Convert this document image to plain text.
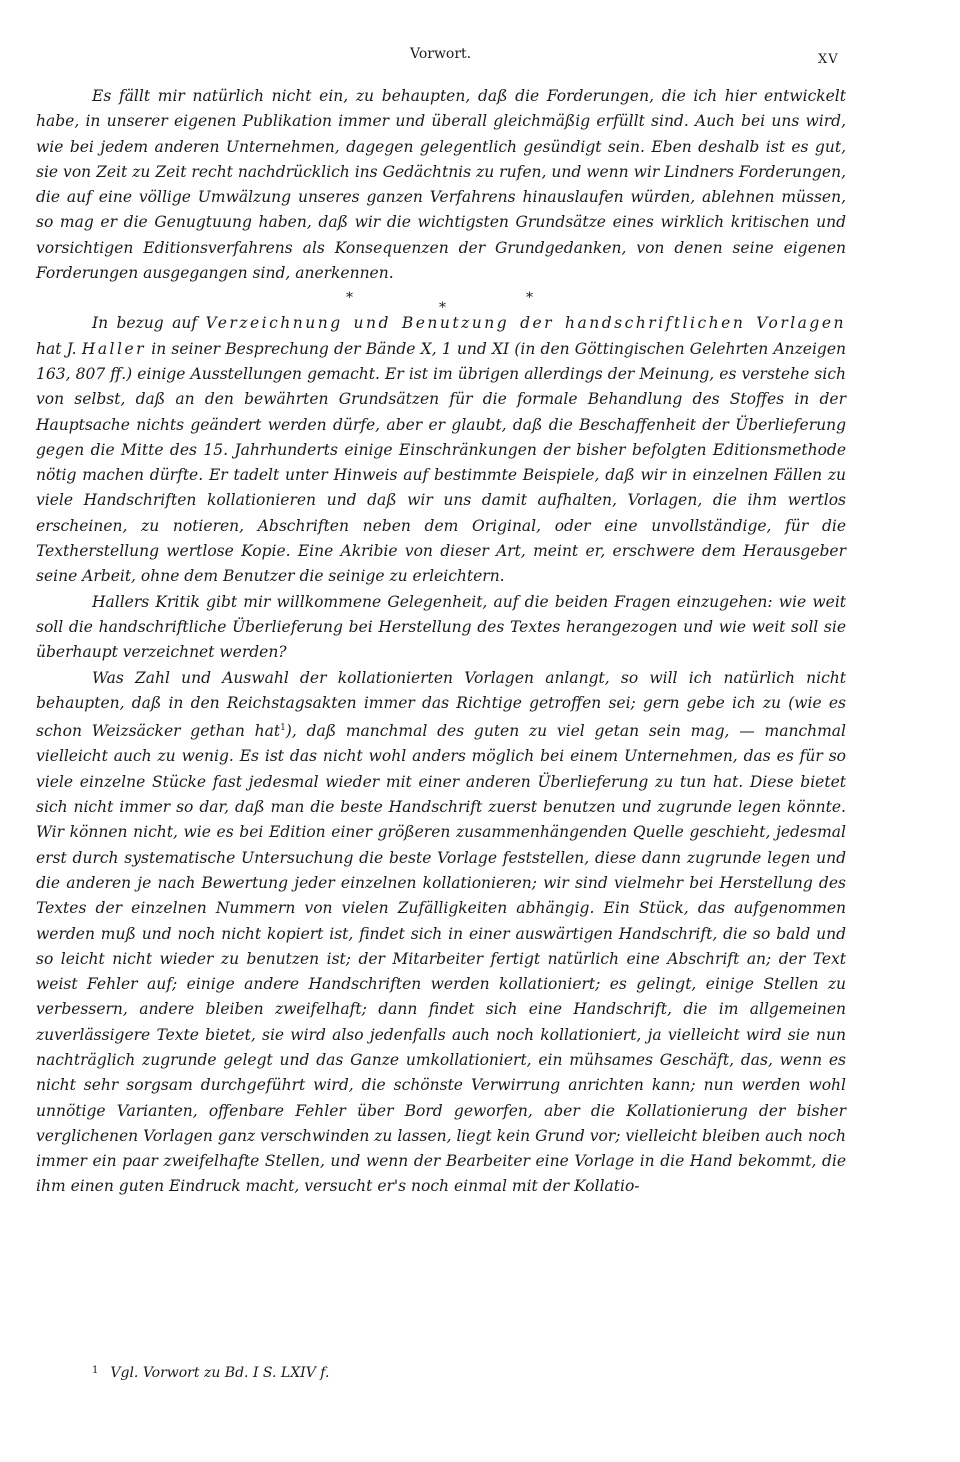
Vorwort.	XV

Es fällt mir natürlich nicht ein, zu behaupten, daß die Forderungen, die ich hier entwickelt habe, in unserer eigenen Publikation immer und überall gleichmäßig erfüllt sind. Auch bei uns wird, wie bei jedem anderen Unternehmen, dagegen gelegentlich gesündigt sein. Eben deshalb ist es gut, sie von Zeit zu Zeit recht nachdrücklich ins Gedächtnis zu rufen, und wenn wir Lindners Forderungen, die auf eine völlige Umwälzung unseres ganzen Verfahrens hinauslaufen würden, ablehnen müssen, so mag er die Genugtuung haben, daß wir die wichtigsten Grundsätze eines wirklich kritischen und vorsichtigen Editionsverfahrens als Konsequenzen der Grundgedanken, von denen seine eigenen Forderungen ausgegangen sind, anerkennen.

*
*
*

In bezug auf Verzeichnung und Benutzung der handschriftlichen Vorlagen hat J. Haller in seiner Besprechung der Bände X, 1 und XI (in den Göttingischen Gelehrten Anzeigen 163, 807 ff.) einige Ausstellungen gemacht. Er ist im übrigen allerdings der Meinung, es verstehe sich von selbst, daß an den bewährten Grundsätzen für die formale Behandlung des Stoffes in der Hauptsache nichts geändert werden dürfe, aber er glaubt, daß die Beschaffenheit der Überlieferung gegen die Mitte des 15. Jahrhunderts einige Einschränkungen der bisher befolgten Editionsmethode nötig machen dürfte. Er tadelt unter Hinweis auf bestimmte Beispiele, daß wir in einzelnen Fällen zu viele Handschriften kollationieren und daß wir uns damit aufhalten, Vorlagen, die ihm wertlos erscheinen, zu notieren, Abschriften neben dem Original, oder eine unvollständige, für die Textherstellung wertlose Kopie. Eine Akribie von dieser Art, meint er, erschwere dem Herausgeber seine Arbeit, ohne dem Benutzer die seinige zu erleichtern.

Hallers Kritik gibt mir willkommene Gelegenheit, auf die beiden Fragen einzugehen: wie weit soll die handschriftliche Überlieferung bei Herstellung des Textes herangezogen und wie weit soll sie überhaupt verzeichnet werden?

Was Zahl und Auswahl der kollationierten Vorlagen anlangt, so will ich natürlich nicht behaupten, daß in den Reichstagsakten immer das Richtige getroffen sei; gern gebe ich zu (wie es schon Weizsäcker gethan hat$^1$), daß manchmal des guten zu viel getan sein mag, — manchmal vielleicht auch zu wenig. Es ist das nicht wohl anders möglich bei einem Unternehmen, das es für so viele einzelne Stücke fast jedesmal wieder mit einer anderen Überlieferung zu tun hat. Diese bietet sich nicht immer so dar, daß man die beste Handschrift zuerst benutzen und zugrunde legen könnte. Wir können nicht, wie es bei Edition einer größeren zusammenhängenden Quelle geschieht, jedesmal erst durch systematische Untersuchung die beste Vorlage feststellen, diese dann zugrunde legen und die anderen je nach Bewertung jeder einzelnen kollationieren; wir sind vielmehr bei Herstellung des Textes der einzelnen Nummern von vielen Zufälligkeiten abhängig. Ein Stück, das aufgenommen werden muß und noch nicht kopiert ist, findet sich in einer auswärtigen Handschrift, die so bald und so leicht nicht wieder zu benutzen ist; der Mitarbeiter fertigt natürlich eine Abschrift an; der Text weist Fehler auf; einige andere Handschriften werden kollationiert; es gelingt, einige Stellen zu verbessern, andere bleiben zweifelhaft; dann findet sich eine Handschrift, die im allgemeinen zuverlässigere Texte bietet, sie wird also jedenfalls auch noch kollationiert, ja vielleicht wird sie nun nachträglich zugrunde gelegt und das Ganze umkollationiert, ein mühsames Geschäft, das, wenn es nicht sehr sorgsam durchgeführt wird, die schönste Verwirrung anrichten kann; nun werden wohl unnötige Varianten, offenbare Fehler über Bord geworfen, aber die Kollationierung der bisher verglichenen Vorlagen ganz verschwinden zu lassen, liegt kein Grund vor; vielleicht bleiben auch noch immer ein paar zweifelhafte Stellen, und wenn der Bearbeiter eine Vorlage in die Hand bekommt, die ihm einen guten Eindruck macht, versucht er's noch einmal mit der Kollatio-

$^1$ Vgl. Vorwort zu Bd. I S. LXIV f.
